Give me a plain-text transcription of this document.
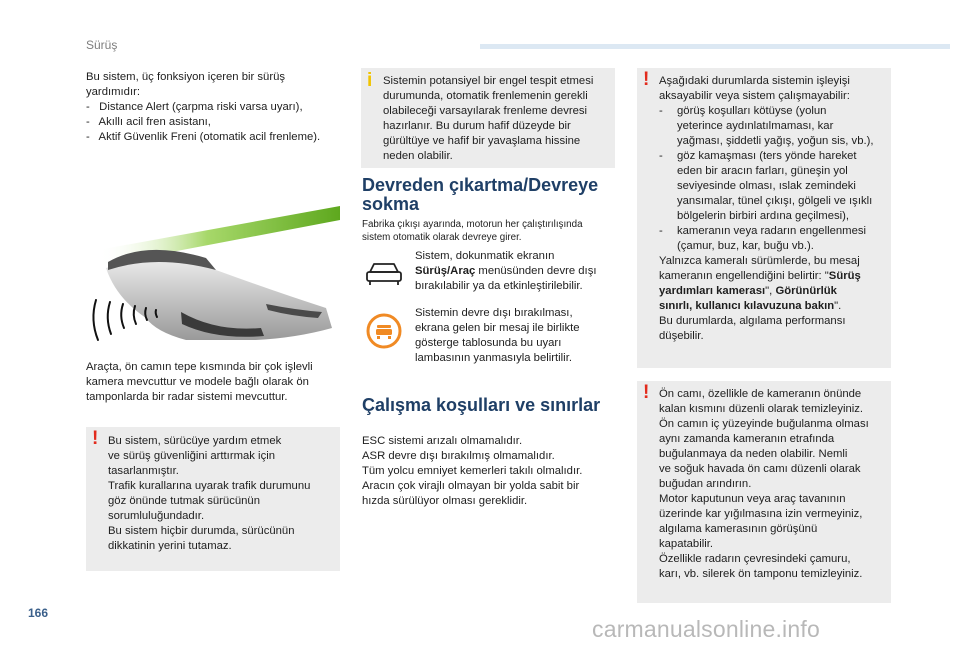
Sürüş
Bu sistem, üç fonksiyon içeren bir sürüş
yardımıdır:
-   Distance Alert (çarpma riski varsa uyarı),
-   Akıllı acil fren asistanı,
-   Aktif Güvenlik Freni (otomatik acil frenleme).
Araçta, ön camın tepe kısmında bir çok işlevli kamera mevcuttur ve modele bağlı olarak ön tamponlarda bir radar sistemi mevcuttur.
! Bu sistem, sürücüye yardım etmek
ve sürüş güvenliğini arttırmak için
tasarlanmıştır.
Trafik kurallarına uyarak trafik durumunu
göz önünde tutmak sürücünün
sorumluluğundadır.
Bu sistem hiçbir durumda, sürücünün
dikkatinin yerini tutamaz.
i Sistemin potansiyel bir engel tespit etmesi
durumunda, otomatik frenlemenin gerekli
olabileceği varsayılarak frenleme devresi
hazırlanır. Bu durum hafif düzeyde bir
gürültüye ve hafif bir yavaşlama hissine
neden olabilir.
Devreden çıkartma/Devreye
sokma
Fabrika çıkışı ayarında, motorun her çalıştırılışında
sistem otomatik olarak devreye girer.
Sistem, dokunmatik ekranın
Sürüş/Araç menüsünden devre dışı
bırakılabilir ya da etkinleştirilebilir.
Sistemin devre dışı bırakılması,
ekrana gelen bir mesaj ile birlikte
gösterge tablosunda bu uyarı
lambasının yanmasıyla belirtilir.
Çalışma koşulları ve sınırlar
ESC sistemi arızalı olmamalıdır.
ASR devre dışı bırakılmış olmamalıdır.
Tüm yolcu emniyet kemerleri takılı olmalıdır.
Aracın çok virajlı olmayan bir yolda sabit bir
hızda sürülüyor olması gereklidir.
! Aşağıdaki durumlarda sistemin işleyişi
aksayabilir veya sistem çalışmayabilir:
- görüş koşulları kötüyse (yolun
yeterince aydınlatılmaması, kar
yağması, şiddetli yağış, yoğun sis, vb.),
- göz kamaşması (ters yönde hareket
eden bir aracın farları, güneşin yol
seviyesinde olması, ıslak zemindeki
yansımalar, tünel çıkışı, gölgeli ve ışıklı
bölgelerin birbiri ardına geçilmesi),
- kameranın veya radarın engellenmesi
(çamur, buz, kar, buğu vb.).
Yalnızca kameralı sürümlerde, bu mesaj
kameranın engellendiğini belirtir: "Sürüş
yardımları kamerası", Görünürlük
sınırlı, kullanıcı kılavuzuna bakın".
Bu durumlarda, algılama performansı
düşebilir.
! Ön camı, özellikle de kameranın önünde
kalan kısmını düzenli olarak temizleyiniz.
Ön camın iç yüzeyinde buğulanma olması
aynı zamanda kameranın etrafında
buğulanmaya da neden olabilir. Nemli
ve soğuk havada ön camı düzenli olarak
buğudan arındırın.
Motor kaputunun veya araç tavanının
üzerinde kar yığılmasına izin vermeyiniz,
algılama kamerasının görüşünü
kapatabilir.
Özellikle radarın çevresindeki çamuru,
karı, vb. silerek ön tamponu temizleyiniz.
166
carmanualsonline.info
